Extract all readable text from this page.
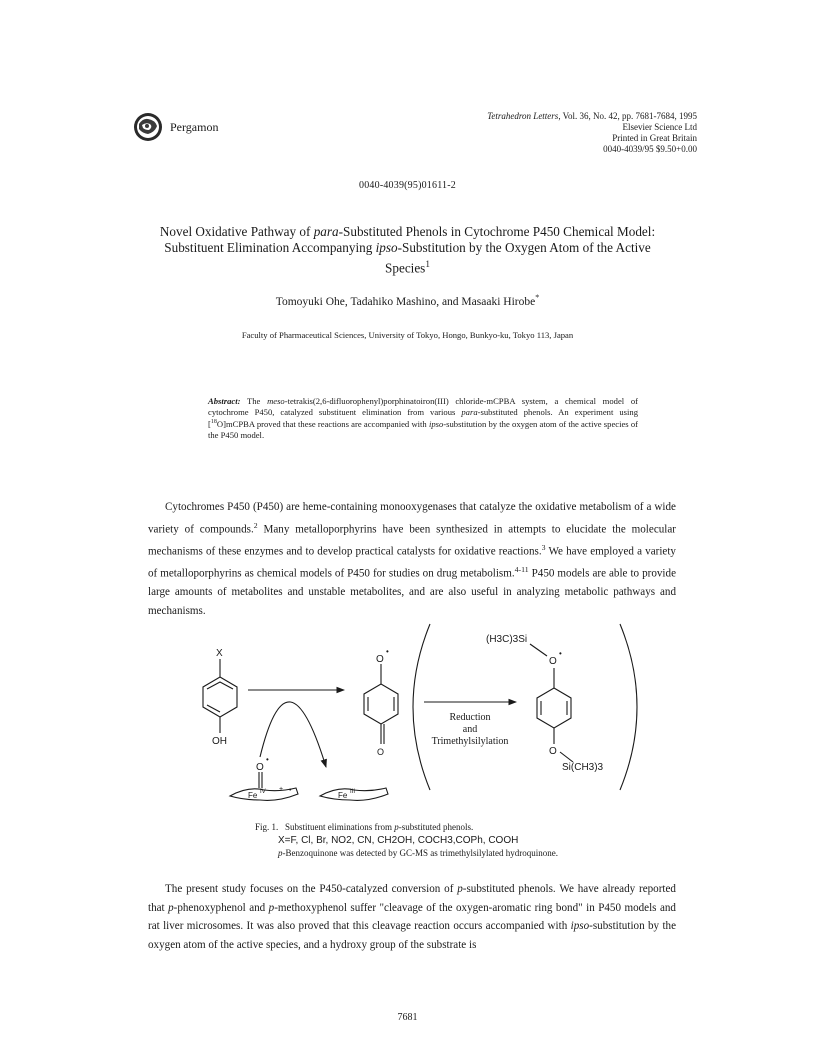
Pergamon
Tetrahedron Letters, Vol. 36, No. 42, pp. 7681-7684, 1995
Elsevier Science Ltd
Printed in Great Britain
0040-4039/95 $9.50+0.00
0040-4039(95)01611-2
Novel Oxidative Pathway of para-Substituted Phenols in Cytochrome P450 Chemical Model: Substituent Elimination Accompanying ipso-Substitution by the Oxygen Atom of the Active Species$^1$
Tomoyuki Ohe, Tadahiko Mashino, and Masaaki Hirobe*
Faculty of Pharmaceutical Sciences, University of Tokyo, Hongo, Bunkyo-ku, Tokyo 113, Japan
Abstract: The meso-tetrakis(2,6-difluorophenyl)porphinatoiron(III) chloride-mCPBA system, a chemical model of cytochrome P450, catalyzed substituent elimination from various para-substituted phenols. An experiment using [$^{18}$O]mCPBA proved that these reactions are accompanied with ipso-substitution by the oxygen atom of the active species of the P450 model.

Cytochromes P450 (P450) are heme-containing monooxygenases that catalyze the oxidative metabolism of a wide variety of compounds.$^2$ Many metalloporphyrins have been synthesized in attempts to elucidate the molecular mechanisms of these enzymes and to develop practical catalysts for oxidative reactions.$^3$ We have employed a variety of metalloporphyrins as chemical models of P450 for studies on drug metabolism.$^{4-11}$ P450 models are able to provide large amounts of metabolites and unstable metabolites, and are also useful in analyzing metabolic pathways and mechanisms.

X
OH
O
•
O
O
•
Fe IV + •
Fe III
(H3C)3Si
O
•
O
Si(CH3)3
Reduction
and
Trimethylsilylation
Fig. 1. Substituent eliminations from p-substituted phenols.
X=F, Cl, Br, NO2, CN, CH2OH, COCH3,COPh, COOH
p-Benzoquinone was detected by GC-MS as trimethylsilylated hydroquinone.

The present study focuses on the P450-catalyzed conversion of p-substituted phenols. We have already reported that p-phenoxyphenol and p-methoxyphenol suffer "cleavage of the oxygen-aromatic ring bond" in P450 models and rat liver microsomes. It was also proved that this cleavage reaction occurs accompanied with ipso-substitution by the oxygen atom of the active species, and a hydroxy group of the substrate is

7681
